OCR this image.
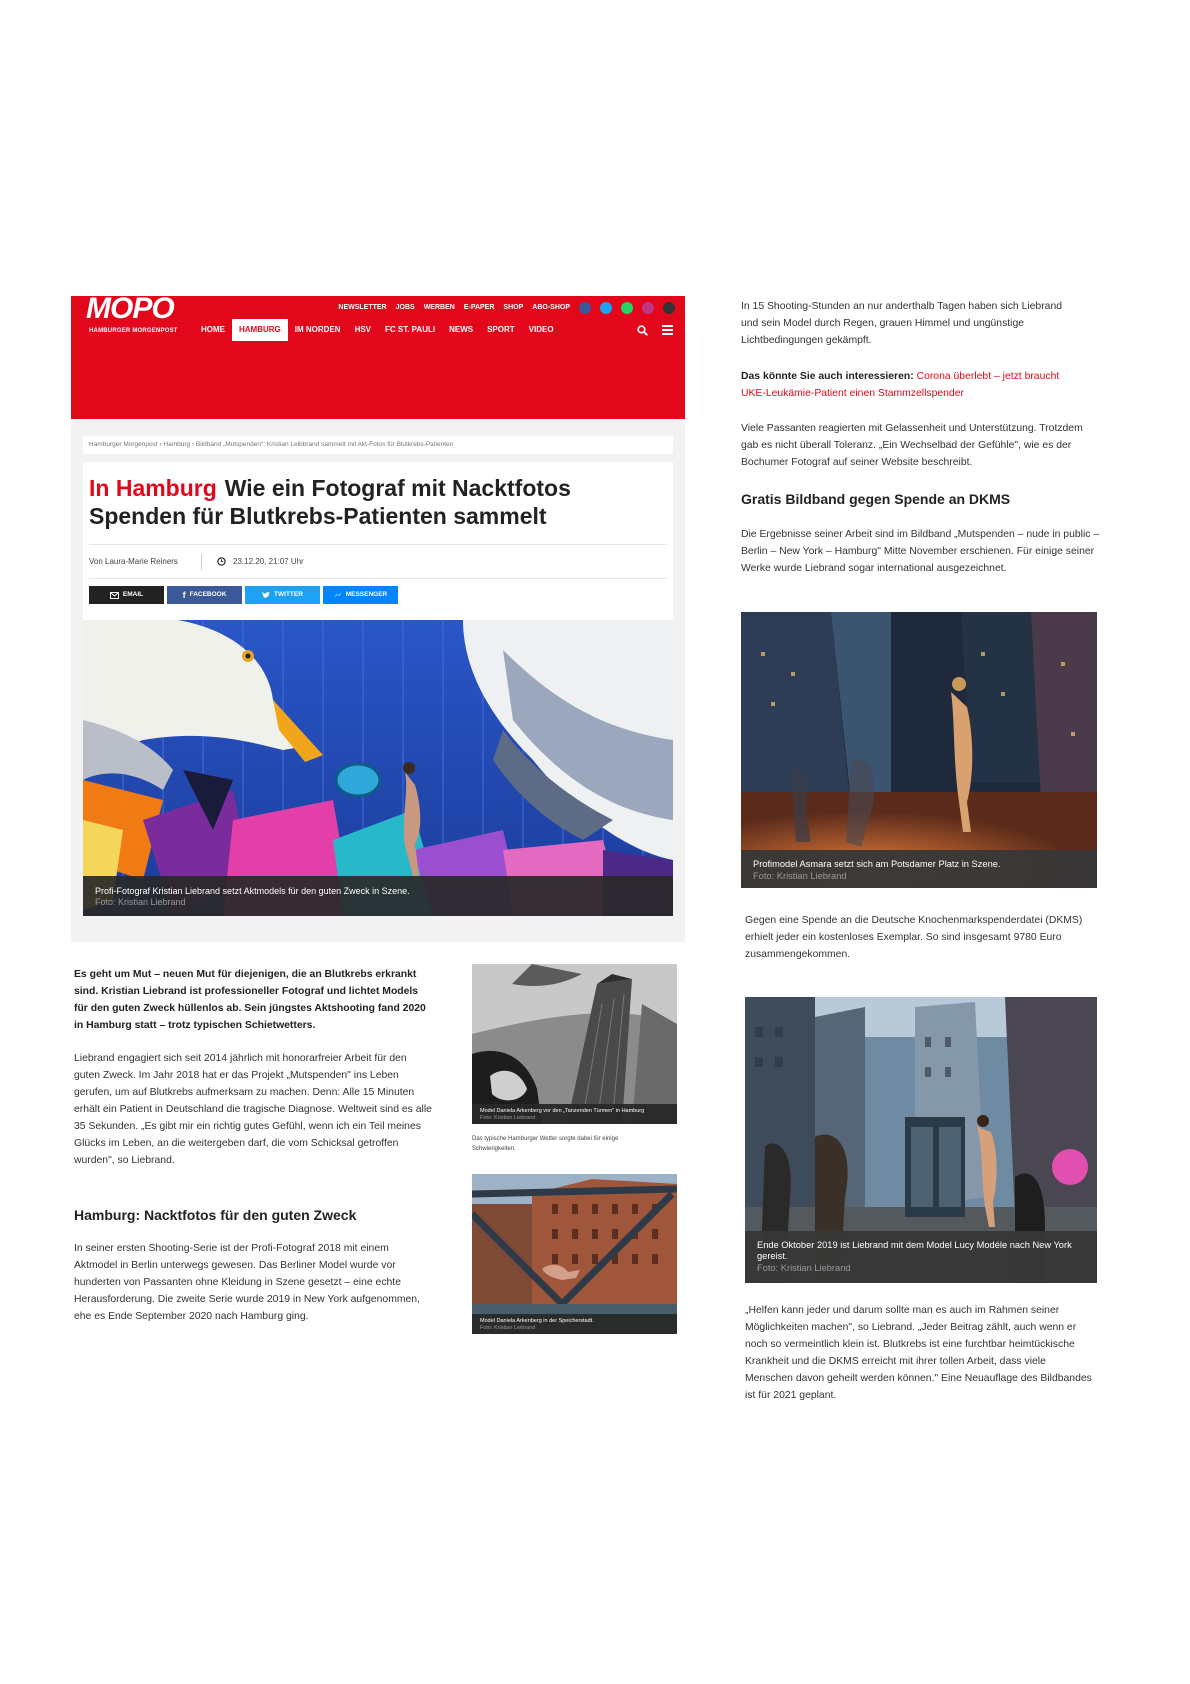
MOPO
HAMBURGER MORGENPOST
NEWSLETTER JOBS WERBEN E-PAPER SHOP ABO-SHOP
HOME	HAMBURG	IM NORDEN	HSV	FC ST. PAULI	NEWS	SPORT	VIDEO
Hamburger Morgenpost › Hamburg › Bildband „Mutspenden": Kristian Leibbrand sammelt mit Akt-Fotos für Blutkrebs-Patienten
In Hamburg Wie ein Fotograf mit Nacktfotos Spenden für Blutkrebs-Patienten sammelt
Von Laura-Marie Reiners	23.12.20, 21:07 Uhr
EMAIL	f FACEBOOK	TWITTER	MESSENGER
Profi-Fotograf Kristian Liebrand setzt Aktmodels für den guten Zweck in Szene.
Foto: Kristian Liebrand
Es geht um Mut – neuen Mut für diejenigen, die an Blutkrebs erkrankt sind. Kristian Liebrand ist professioneller Fotograf und lichtet Models für den guten Zweck hüllenlos ab. Sein jüngstes Aktshooting fand 2020 in Hamburg statt – trotz typischen Schietwetters.
Liebrand engagiert sich seit 2014 jährlich mit honorarfreier Arbeit für den guten Zweck. Im Jahr 2018 hat er das Projekt „Mutspenden" ins Leben gerufen, um auf Blutkrebs aufmerksam zu machen. Denn: Alle 15 Minuten erhält ein Patient in Deutschland die tragische Diagnose. Weltweit sind es alle 35 Sekunden. „Es gibt mir ein richtig gutes Gefühl, wenn ich ein Teil meines Glücks im Leben, an die weitergeben darf, die vom Schicksal getroffen wurden", so Liebrand.
Hamburg: Nacktfotos für den guten Zweck
In seiner ersten Shooting-Serie ist der Profi-Fotograf 2018 mit einem Aktmodel in Berlin unterwegs gewesen. Das Berliner Model wurde vor hunderten von Passanten ohne Kleidung in Szene gesetzt – eine echte Herausforderung. Die zweite Serie wurde 2019 in New York aufgenommen, ehe es Ende September 2020 nach Hamburg ging.
Model Daniela Arkenberg vor den „Tanzenden Türmen" in Hamburg
Foto: Kristian Liebrand
Das typische Hamburger Wetter sorgte dabei für einige Schwierigkeiten.
Model Daniela Arkenberg in der Speicherstadt.
Foto: Kristian Liebrand
In 15 Shooting-Stunden an nur anderthalb Tagen haben sich Liebrand und sein Model durch Regen, grauen Himmel und ungünstige Lichtbedingungen gekämpft.
Das könnte Sie auch interessieren: Corona überlebt – jetzt braucht UKE-Leukämie-Patient einen Stammzellspender
Viele Passanten reagierten mit Gelassenheit und Unterstützung. Trotzdem gab es nicht überall Toleranz. „Ein Wechselbad der Gefühle", wie es der Bochumer Fotograf auf seiner Website beschreibt.
Gratis Bildband gegen Spende an DKMS
Die Ergebnisse seiner Arbeit sind im Bildband „Mutspenden – nude in public – Berlin – New York – Hamburg" Mitte November erschienen. Für einige seiner Werke wurde Liebrand sogar international ausgezeichnet.
Profimodel Asmara setzt sich am Potsdamer Platz in Szene.
Foto: Kristian Liebrand
Gegen eine Spende an die Deutsche Knochenmarkspenderdatei (DKMS) erhielt jeder ein kostenloses Exemplar. So sind insgesamt 9780 Euro zusammengekommen.
Ende Oktober 2019 ist Liebrand mit dem Model Lucy Modéle nach New York gereist.
Foto: Kristian Liebrand
„Helfen kann jeder und darum sollte man es auch im Rahmen seiner Möglichkeiten machen", so Liebrand. „Jeder Beitrag zählt, auch wenn er noch so vermeintlich klein ist. Blutkrebs ist eine furchtbar heimtückische Krankheit und die DKMS erreicht mit ihrer tollen Arbeit, dass viele Menschen davon geheilt werden können." Eine Neuauflage des Bildbandes ist für 2021 geplant.
